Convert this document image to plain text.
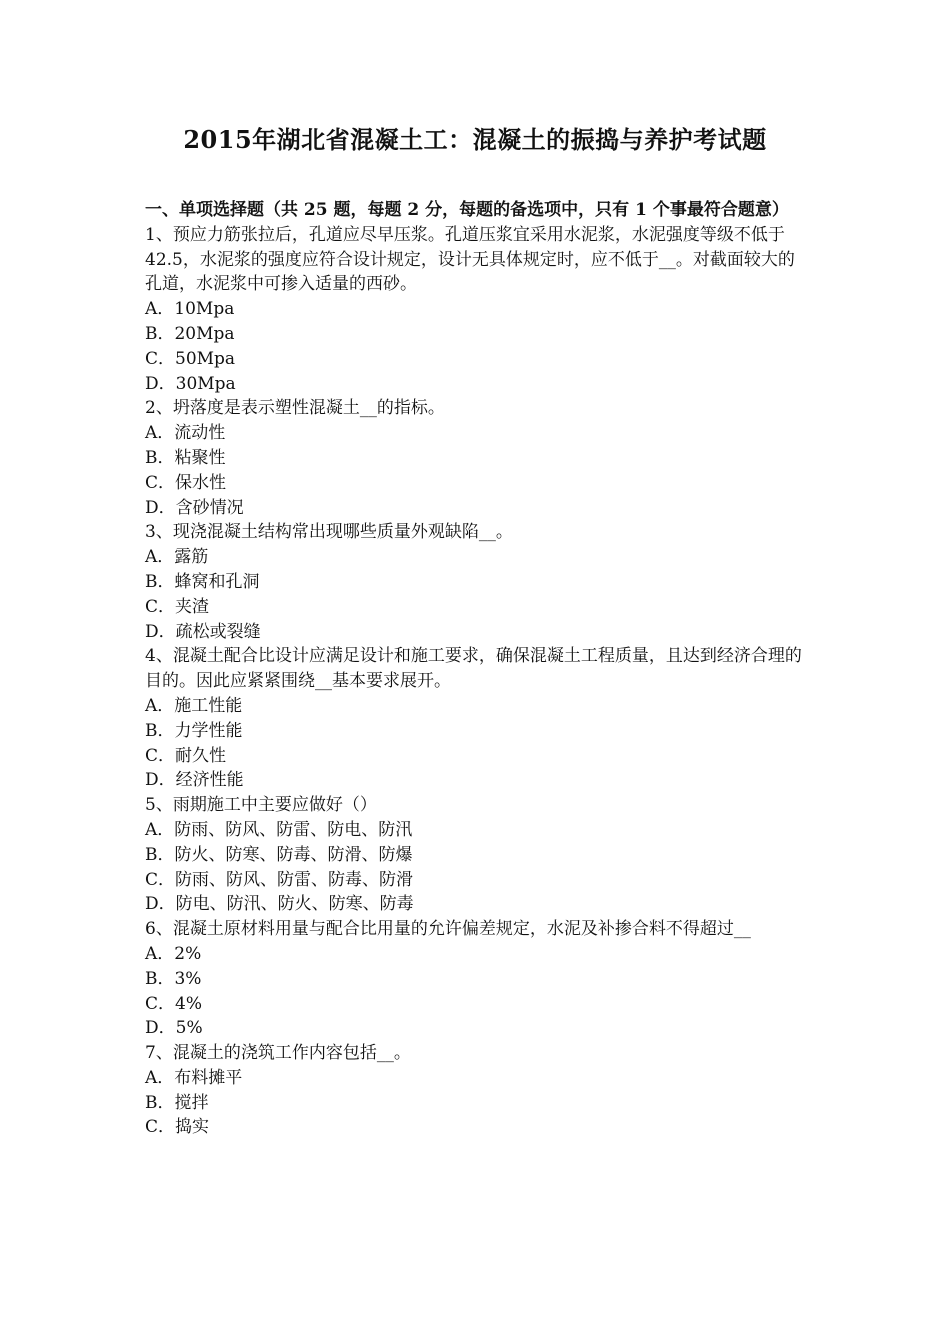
2015年湖北省混凝土工：混凝土的振捣与养护考试题
一、单项选择题（共 25 题，每题 2 分，每题的备选项中，只有 1 个事最符合题意）

1、预应力筋张拉后，孔道应尽早压浆。孔道压浆宜采用水泥浆，水泥强度等级不低于 42.5，水泥浆的强度应符合设计规定，设计无具体规定时，应不低于__。对截面较大的孔道，水泥浆中可掺入适量的西砂。

A．10Mpa

B．20Mpa

C．50Mpa

D．30Mpa

2、坍落度是表示塑性混凝土__的指标。

A．流动性

B．粘聚性

C．保水性

D．含砂情况

3、现浇混凝土结构常出现哪些质量外观缺陷__。

A．露筋

B．蜂窝和孔洞

C．夹渣

D．疏松或裂缝

4、混凝土配合比设计应满足设计和施工要求，确保混凝土工程质量，且达到经济合理的目的。因此应紧紧围绕__基本要求展开。

A．施工性能

B．力学性能

C．耐久性

D．经济性能

5、雨期施工中主要应做好（）

A．防雨、防风、防雷、防电、防汛

B．防火、防寒、防毒、防滑、防爆

C．防雨、防风、防雷、防毒、防滑

D．防电、防汛、防火、防寒、防毒

6、混凝土原材料用量与配合比用量的允许偏差规定，水泥及补掺合料不得超过__

A．2%

B．3%

C．4%

D．5%

7、混凝土的浇筑工作内容包括__。

A．布料摊平

B．搅拌

C．捣实
